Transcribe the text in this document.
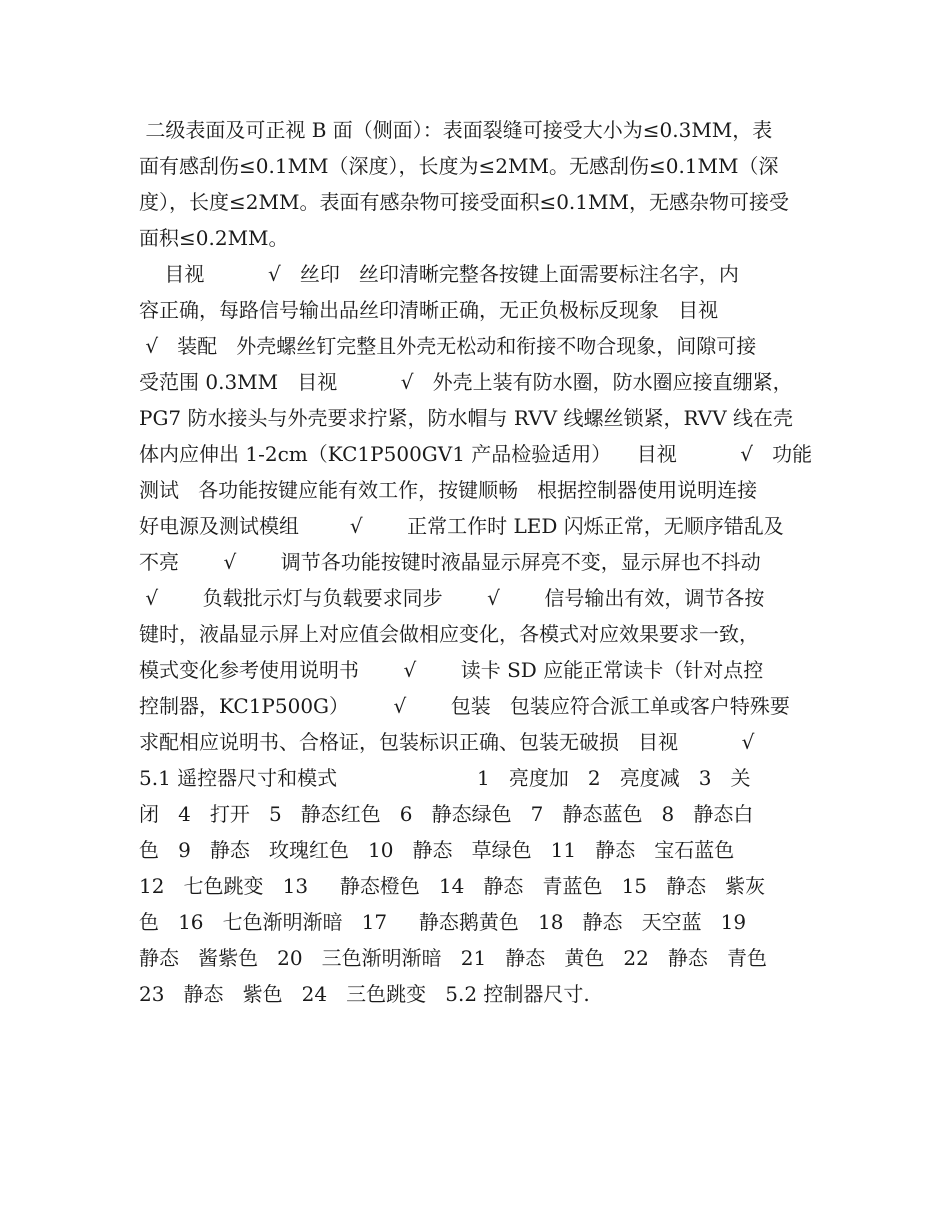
二级表面及可正视 B 面（侧面）：表面裂缝可接受大小为≤0.3MM，表

面有感刮伤≤0.1MM（深度），长度为≤2MM。无感刮伤≤0.1MM（深

度），长度≤2MM。表面有感杂物可接受面积≤0.1MM，无感杂物可接受

面积≤0.2MM。

目视          √   丝印   丝印清晰完整各按键上面需要标注名字，内

容正确，每路信号输出品丝印清晰正确，无正负极标反现象   目视

√   装配   外壳螺丝钉完整且外壳无松动和衔接不吻合现象，间隙可接

受范围 0.3MM   目视          √   外壳上装有防水圈，防水圈应接直绷紧，

PG7 防水接头与外壳要求拧紧，防水帽与 RVV 线螺丝锁紧，RVV 线在壳

体内应伸出 1-2cm（KC1P500GV1 产品检验适用）    目视          √   功能

测试   各功能按键应能有效工作，按键顺畅   根据控制器使用说明连接

好电源及测试模组        √       正常工作时 LED 闪烁正常，无顺序错乱及

不亮       √       调节各功能按键时液晶显示屏亮不变，显示屏也不抖动

√       负载批示灯与负载要求同步       √       信号输出有效，调节各按

键时，液晶显示屏上对应值会做相应变化，各模式对应效果要求一致，

模式变化参考使用说明书       √       读卡 SD 应能正常读卡（针对点控

控制器，KC1P500G）       √       包装   包装应符合派工单或客户特殊要

求配相应说明书、合格证，包装标识正确、包装无破损   目视          √

5.1 遥控器尺寸和模式                      1   亮度加   2   亮度减   3   关

闭   4   打开   5   静态红色   6   静态绿色   7   静态蓝色   8   静态白

色   9   静态   玫瑰红色   10   静态   草绿色   11   静态   宝石蓝色

12   七色跳变   13     静态橙色   14   静态   青蓝色   15   静态   紫灰

色   16   七色渐明渐暗   17     静态鹅黄色   18   静态   天空蓝   19

静态   酱紫色   20   三色渐明渐暗   21   静态   黄色   22   静态   青色

23   静态   紫色   24   三色跳变   5.2 控制器尺寸.
